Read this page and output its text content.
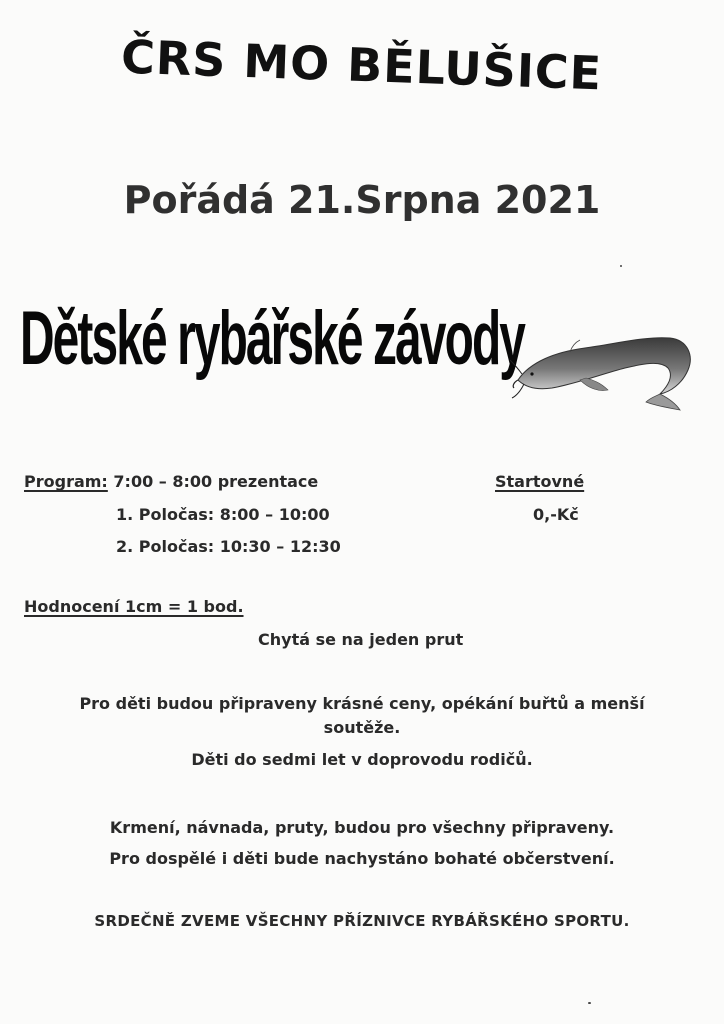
ČRS MO BĚLUŠICE
Pořádá 21.Srpna 2021
Dětské rybářské závody
Program: 7:00 – 8:00 prezentace	Startovné
1. Poločas: 8:00 – 10:00	0,-Kč
2. Poločas: 10:30 – 12:30
Hodnocení 1cm = 1 bod.
Chytá se na jeden prut
Pro děti budou připraveny krásné ceny, opékání buřtů a menší
soutěže.
Děti do sedmi let v doprovodu rodičů.
Krmení, návnada, pruty, budou pro všechny připraveny.
Pro dospělé i děti bude nachystáno bohaté občerstvení.
SRDEČNĚ ZVEME VŠECHNY PŘÍZNIVCE RYBÁŘSKÉHO SPORTU.
